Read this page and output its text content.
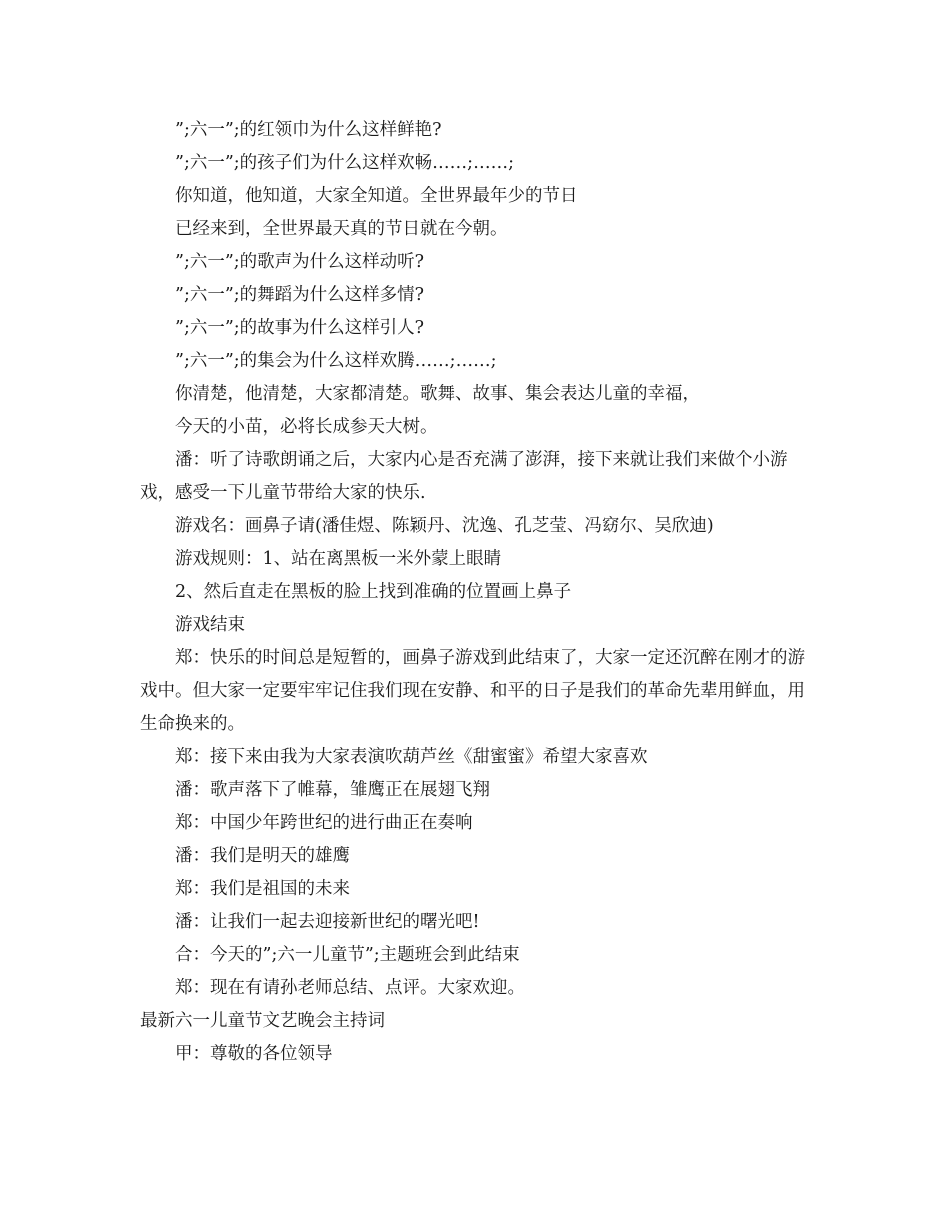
”;六一”;的红领巾为什么这样鲜艳?

”;六一”;的孩子们为什么这样欢畅……;……;

你知道，他知道，大家全知道。全世界最年少的节日

已经来到，全世界最天真的节日就在今朝。

”;六一”;的歌声为什么这样动听?

”;六一”;的舞蹈为什么这样多情?

”;六一”;的故事为什么这样引人?

”;六一”;的集会为什么这样欢腾……;……;

你清楚，他清楚，大家都清楚。歌舞、故事、集会表达儿童的幸福，

今天的小苗，必将长成参天大树。

潘：听了诗歌朗诵之后，大家内心是否充满了澎湃，接下来就让我们来做个小游戏，感受一下儿童节带给大家的快乐.

游戏名：画鼻子请(潘佳煜、陈颖丹、沈逸、孔芝莹、冯窈尔、吴欣迪)

游戏规则：1、站在离黑板一米外蒙上眼睛

2、然后直走在黑板的脸上找到准确的位置画上鼻子

游戏结束

郑：快乐的时间总是短暂的，画鼻子游戏到此结束了，大家一定还沉醉在刚才的游戏中。但大家一定要牢牢记住我们现在安静、和平的日子是我们的革命先辈用鲜血，用生命换来的。

郑：接下来由我为大家表演吹葫芦丝《甜蜜蜜》希望大家喜欢

潘：歌声落下了帷幕，雏鹰正在展翅飞翔

郑：中国少年跨世纪的进行曲正在奏响

潘：我们是明天的雄鹰

郑：我们是祖国的未来

潘：让我们一起去迎接新世纪的曙光吧!

合：今天的”;六一儿童节”;主题班会到此结束

郑：现在有请孙老师总结、点评。大家欢迎。

最新六一儿童节文艺晚会主持词

甲：尊敬的各位领导
